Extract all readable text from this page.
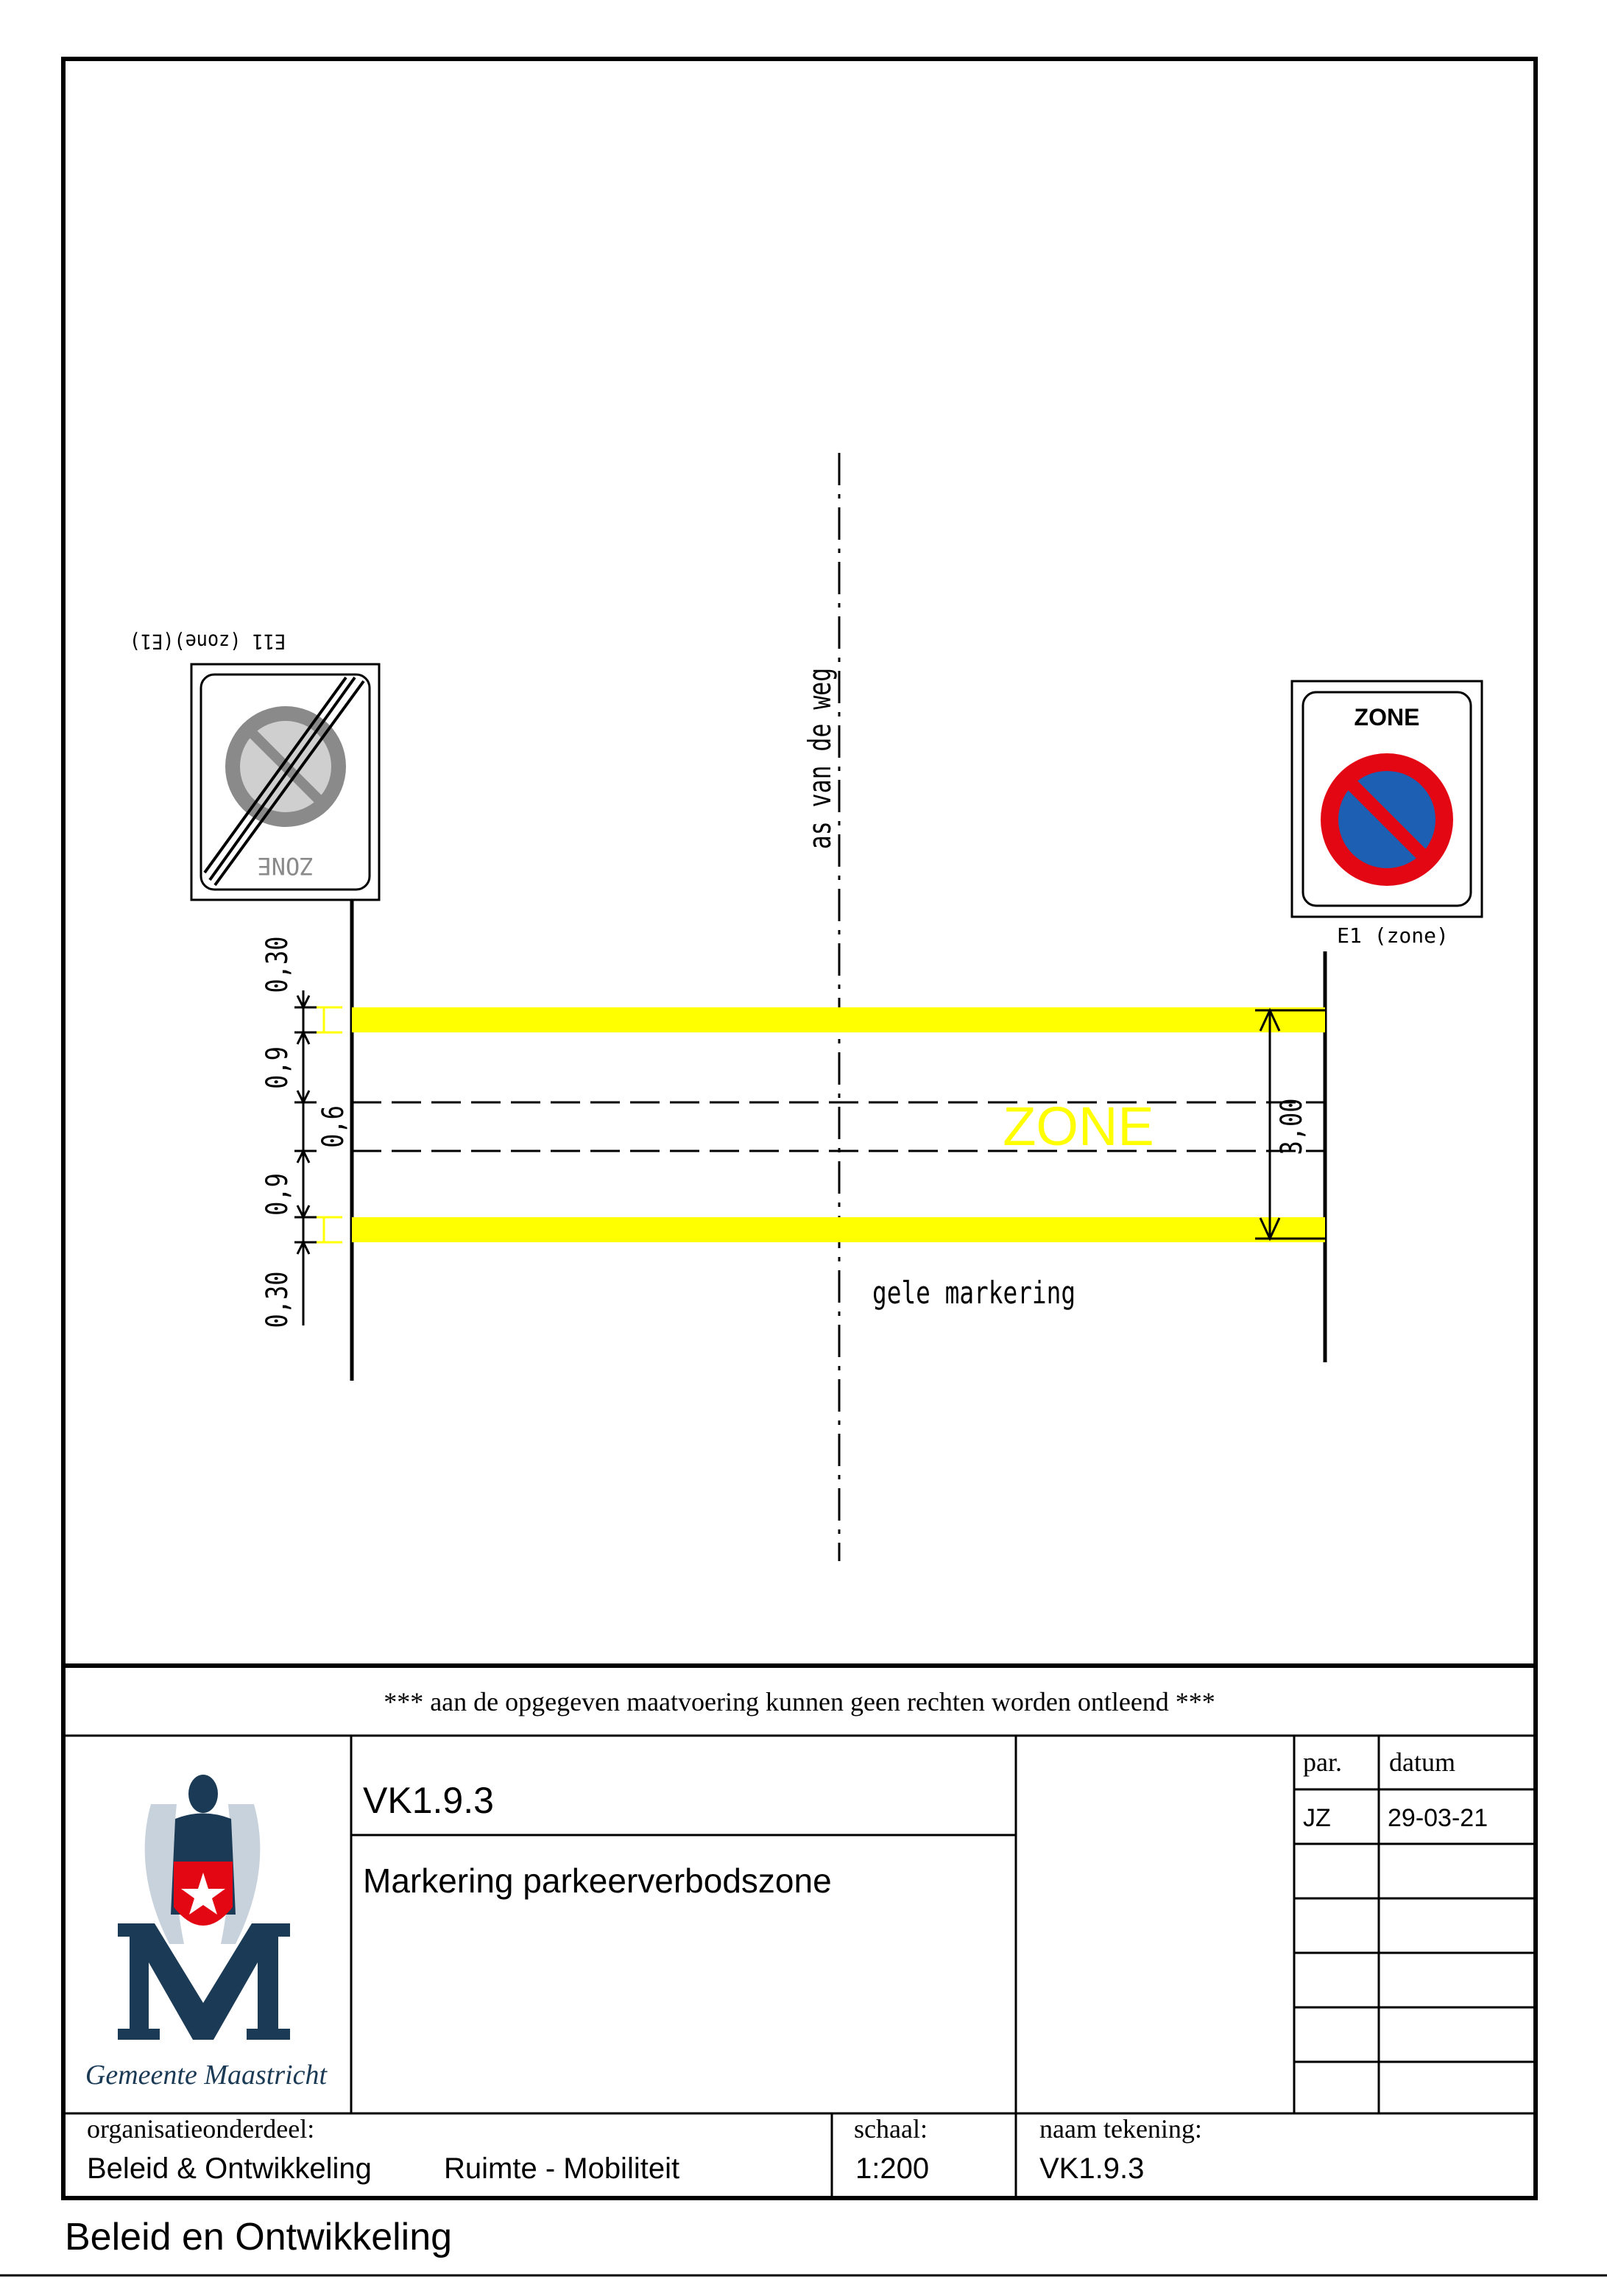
as van de weg
ZONE	3,00
0,30
0,9
0,6
0,9
0,30	gele markering
ZONE
E11 (zone)(E1)
ZONE
E1 (zone)
*** aan de opgegeven maatvoering kunnen geen rechten worden ontleend ***
Gemeente Maastricht
VK1.9.3
Markering parkeerverbodszone
par. datum
JZ 29-03-21
organisatieonderdeel:
Beleid & Ontwikkeling Ruimte - Mobiliteit
schaal:
1:200
naam tekening:
VK1.9.3
Beleid en Ontwikkeling
